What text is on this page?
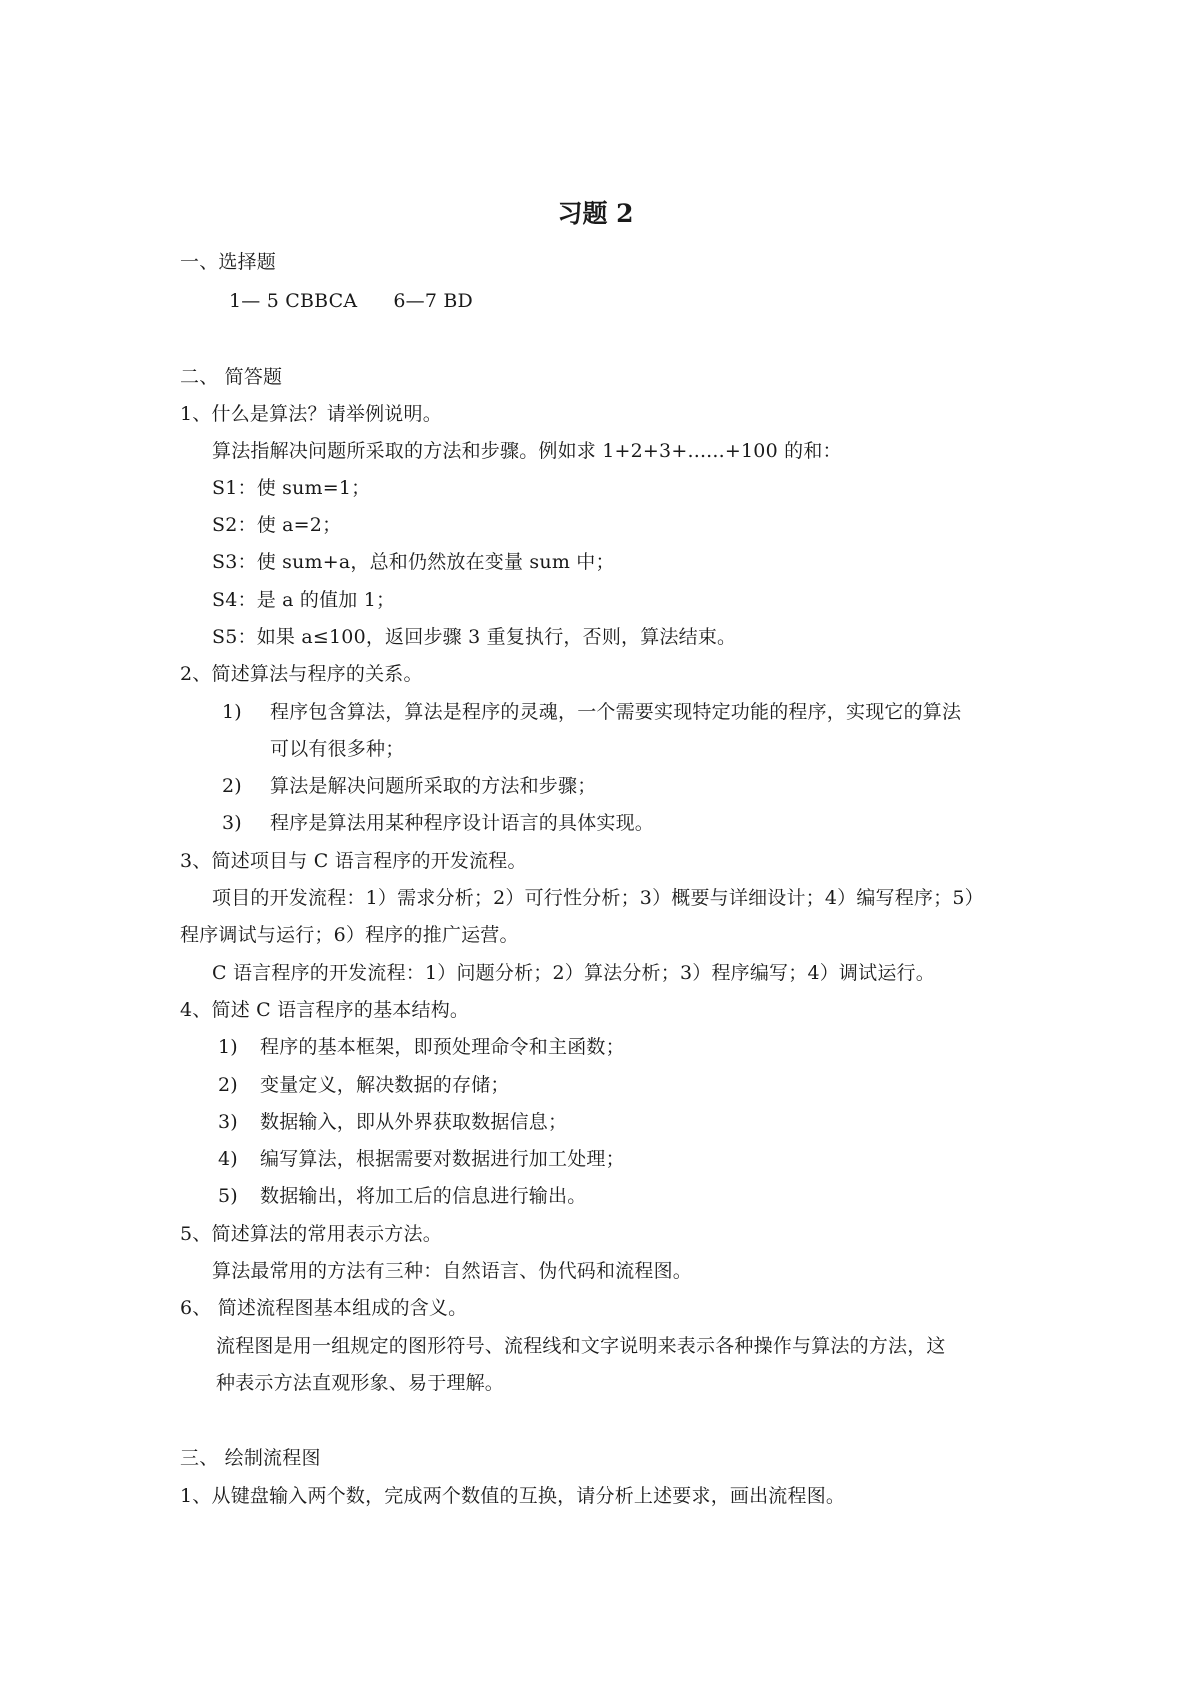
习题 2
一、选择题
1— 5 CBBCA 6—7 BD
二、 简答题
1、什么是算法？请举例说明。
算法指解决问题所采取的方法和步骤。例如求 1+2+3+......+100 的和：
S1：使 sum=1；
S2：使 a=2；
S3：使 sum+a，总和仍然放在变量 sum 中；
S4：是 a 的值加 1；
S5：如果 a≤100，返回步骤 3 重复执行，否则，算法结束。
2、简述算法与程序的关系。
1) 程序包含算法，算法是程序的灵魂，一个需要实现特定功能的程序，实现它的算法
可以有很多种；
2) 算法是解决问题所采取的方法和步骤；
3) 程序是算法用某种程序设计语言的具体实现。
3、简述项目与 C 语言程序的开发流程。
项目的开发流程：1）需求分析；2）可行性分析；3）概要与详细设计；4）编写程序；5）
程序调试与运行；6）程序的推广运营。
C 语言程序的开发流程：1）问题分析；2）算法分析；3）程序编写；4）调试运行。
4、简述 C 语言程序的基本结构。
1) 程序的基本框架，即预处理命令和主函数；
2) 变量定义，解决数据的存储；
3) 数据输入，即从外界获取数据信息；
4) 编写算法，根据需要对数据进行加工处理；
5) 数据输出，将加工后的信息进行输出。
5、简述算法的常用表示方法。
算法最常用的方法有三种：自然语言、伪代码和流程图。
6、 简述流程图基本组成的含义。
流程图是用一组规定的图形符号、流程线和文字说明来表示各种操作与算法的方法，这
种表示方法直观形象、易于理解。
三、 绘制流程图
1、从键盘输入两个数，完成两个数值的互换，请分析上述要求，画出流程图。
